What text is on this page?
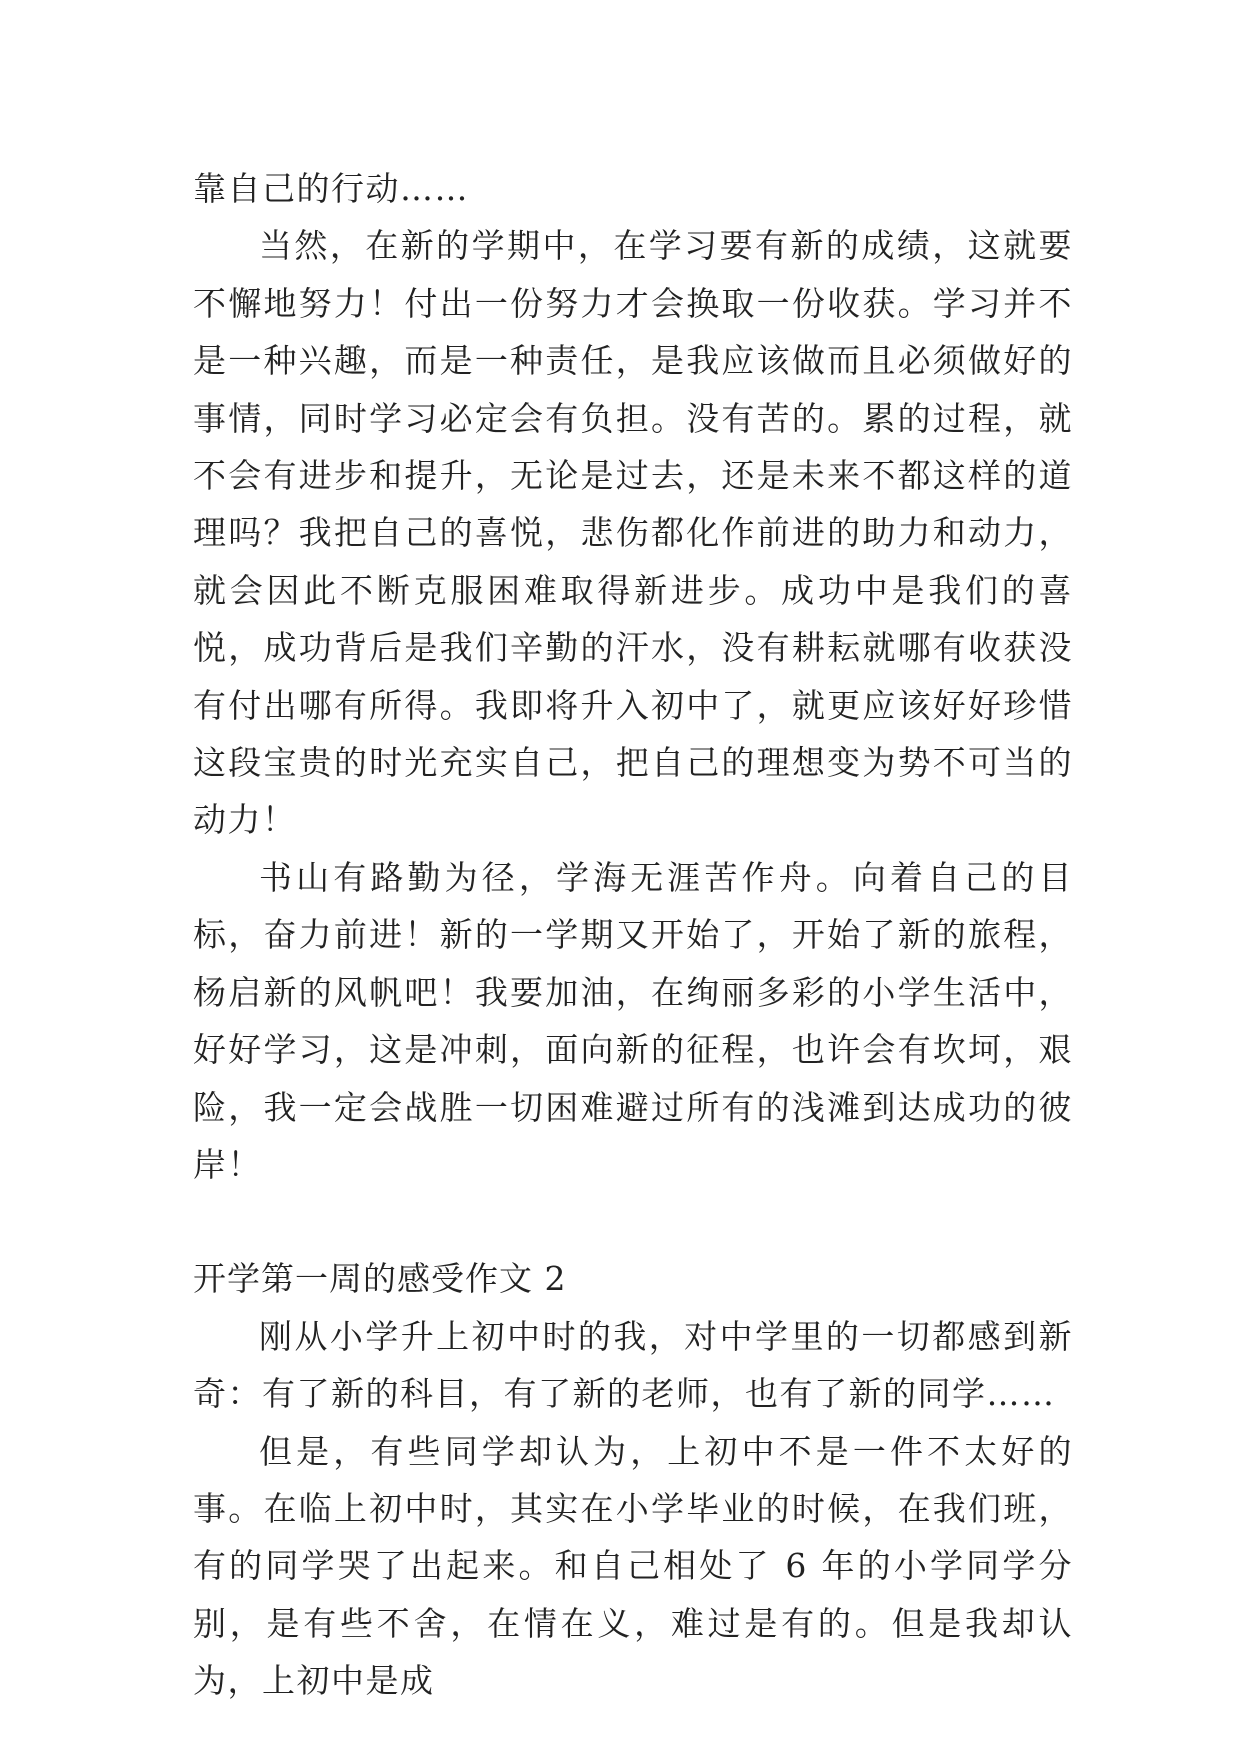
靠自己的行动……

当然，在新的学期中，在学习要有新的成绩，这就要不懈地努力！付出一份努力才会换取一份收获。学习并不是一种兴趣，而是一种责任，是我应该做而且必须做好的事情，同时学习必定会有负担。没有苦的。累的过程，就不会有进步和提升，无论是过去，还是未来不都这样的道理吗？我把自己的喜悦，悲伤都化作前进的助力和动力，就会因此不断克服困难取得新进步。成功中是我们的喜悦，成功背后是我们辛勤的汗水，没有耕耘就哪有收获没有付出哪有所得。我即将升入初中了，就更应该好好珍惜这段宝贵的时光充实自己，把自己的理想变为势不可当的动力！

书山有路勤为径，学海无涯苦作舟。向着自己的目标，奋力前进！新的一学期又开始了，开始了新的旅程，杨启新的风帆吧！我要加油，在绚丽多彩的小学生活中，好好学习，这是冲刺，面向新的征程，也许会有坎坷，艰险，我一定会战胜一切困难避过所有的浅滩到达成功的彼岸！

开学第一周的感受作文 2

刚从小学升上初中时的我，对中学里的一切都感到新奇：有了新的科目，有了新的老师，也有了新的同学……

但是，有些同学却认为，上初中不是一件不太好的事。在临上初中时，其实在小学毕业的时候，在我们班，有的同学哭了出起来。和自己相处了 6 年的小学同学分别，是有些不舍，在情在义，难过是有的。但是我却认为，上初中是成
